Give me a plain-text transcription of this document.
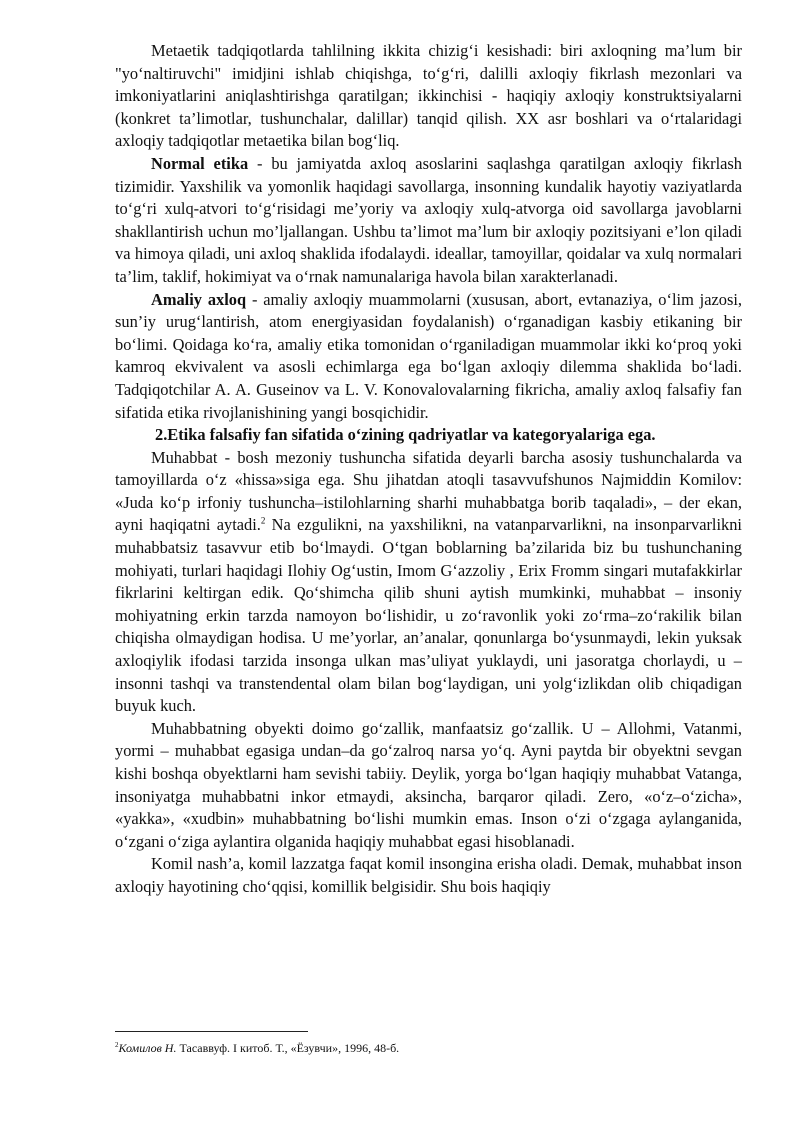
Metaetik tadqiqotlarda tahlilning ikkita chizig‘i kesishadi: biri axloqning ma’lum bir "yo‘naltiruvchi" imidjini ishlab chiqishga, to‘g‘ri, dalilli axloqiy fikrlash mezonlari va imkoniyatlarini aniqlashtirishga qaratilgan; ikkinchisi - haqiqiy axloqiy konstruktsiyalarni (konkret ta’limotlar, tushunchalar, dalillar) tanqid qilish. XX asr boshlari va o‘rtalaridagi axloqiy tadqiqotlar metaetika bilan bog‘liq.

Normal etika - bu jamiyatda axloq asoslarini saqlashga qaratilgan axloqiy fikrlash tizimidir. Yaxshilik va yomonlik haqidagi savollarga, insonning kundalik hayotiy vaziyatlarda to‘g‘ri xulq-atvori to‘g‘risidagi me’yoriy va axloqiy xulq-atvorga oid savollarga javoblarni shakllantirish uchun mo’ljallangan. Ushbu ta’limot ma’lum bir axloqiy pozitsiyani e’lon qiladi va himoya qiladi, uni axloq shaklida ifodalaydi. ideallar, tamoyillar, qoidalar va xulq normalari ta’lim, taklif, hokimiyat va o‘rnak namunalariga havola bilan xarakterlanadi.

Amaliy axloq - amaliy axloqiy muammolarni (xususan, abort, evtanaziya, o‘lim jazosi, sun’iy urug‘lantirish, atom energiyasidan foydalanish) o‘rganadigan kasbiy etikaning bir bo‘limi. Qoidaga ko‘ra, amaliy etika tomonidan o‘rganiladigan muammolar ikki ko‘proq yoki kamroq ekvivalent va asosli echimlarga ega bo‘lgan axloqiy dilemma shaklida bo‘ladi. Tadqiqotchilar A. A. Guseinov va L. V. Konovalovalarning fikricha, amaliy axloq falsafiy fan sifatida etika rivojlanishining yangi bosqichidir.

2.Etika falsafiy fan sifatida o‘zining qadriyatlar va kategoryalariga ega.

Muhabbat - bosh mezoniy tushuncha sifatida deyarli barcha asosiy tushunchalarda va tamoyillarda o‘z «hissa»siga ega. Shu jihatdan atoqli tasavvufshunos Najmiddin Komilov: «Juda ko‘p irfoniy tushuncha–istilohlarning sharhi muhabbatga borib taqaladi», – der ekan, ayni haqiqatni aytadi.$^2$ Na ezgulikni, na yaxshilikni, na vatanparvarlikni, na insonparvarlikni muhabbatsiz tasavvur etib bo‘lmaydi. O‘tgan boblarning ba’zilarida biz bu tushunchaning mohiyati, turlari haqidagi Ilohiy Og‘ustin, Imom G‘azzoliy , Erix Fromm singari mutafakkirlar fikrlarini keltirgan edik. Qo‘shimcha qilib shuni aytish mumkinki, muhabbat – insoniy mohiyatning erkin tarzda namoyon bo‘lishidir, u zo‘ravonlik yoki zo‘rma–zo‘rakilik bilan chiqisha olmaydigan hodisa. U me’yorlar, an’analar, qonunlarga bo‘ysunmaydi, lekin yuksak axloqiylik ifodasi tarzida insonga ulkan mas’uliyat yuklaydi, uni jasoratga chorlaydi, u – insonni tashqi va transtendental olam bilan bog‘laydigan, uni yolg‘izlikdan olib chiqadigan buyuk kuch.

Muhabbatning obyekti doimo go‘zallik, manfaatsiz go‘zallik. U – Allohmi, Vatanmi, yormi – muhabbat egasiga undan–da go‘zalroq narsa yo‘q. Ayni paytda bir obyektni sevgan kishi boshqa obyektlarni ham sevishi tabiiy. Deylik, yorga bo‘lgan haqiqiy muhabbat Vatanga, insoniyatga muhabbatni inkor etmaydi, aksincha, barqaror qiladi. Zero, «o‘z–o‘zicha», «yakka», «xudbin» muhabbatning bo‘lishi mumkin emas. Inson o‘zi o‘zgaga aylanganida, o‘zgani o‘ziga aylantira olganida haqiqiy muhabbat egasi hisoblanadi.

Komil nash’a, komil lazzatga faqat komil insongina erisha oladi. Demak, muhabbat inson axloqiy hayotining cho‘qqisi, komillik belgisidir. Shu bois haqiqiy

$^2$Комилов Н. Тасаввуф. I китоб. Т., «Ёзувчи», 1996, 48-б.
